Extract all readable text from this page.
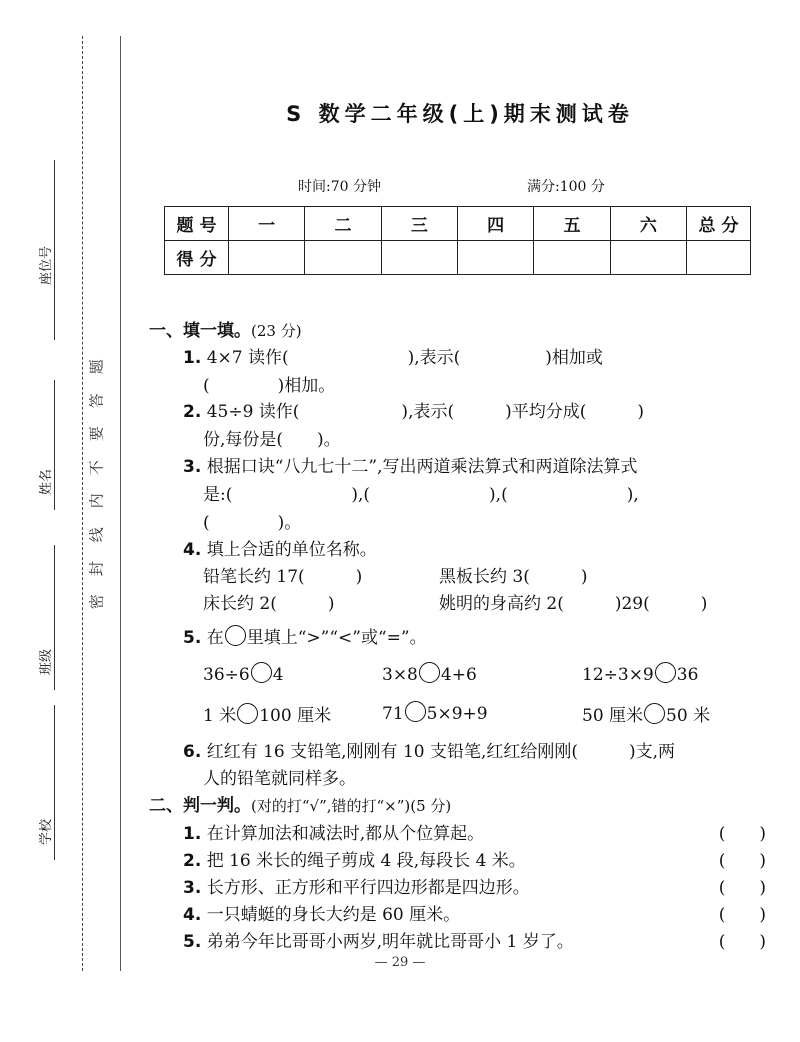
座位号
姓名
班级
学校
题
答
要
不
内
线
封
密
S 数学二年级(上)期末测试卷
时间:70 分钟	满分:100 分
题 号	一	二	三	四	五	六	总 分
得 分							
一、填一填。(23 分)
1. 4×7 读作(　　　　　　　),表示(　　　　　)相加或
(　　　　)相加。
2. 45÷9 读作(　　　　　　),表示(　　　)平均分成(　　　)
份,每份是(　　)。
3. 根据口诀“八九七十二”,写出两道乘法算式和两道除法算式
是:(　　　　　　　),(　　　　　　　),(　　　　　　　),
(　　　　)。
4. 填上合适的单位名称。
铅笔长约 17(　　　)	黑板长约 3(　　　)
床长约 2(　　　)	姚明的身高约 2(　　　)29(　　　)
5. 在 里填上“>”“<”或“=”。
36÷6 4	3×8 4+6	12÷3×9 36
1 米 100 厘米	71 5×9+9	50 厘米 50 米
6. 红红有 16 支铅笔,刚刚有 10 支铅笔,红红给刚刚(　　　)支,两
人的铅笔就同样多。
二、判一判。(对的打“√”,错的打“×”)(5 分)
1. 在计算加法和减法时,都从个位算起。	(　　)
2. 把 16 米长的绳子剪成 4 段,每段长 4 米。	(　　)
3. 长方形、正方形和平行四边形都是四边形。	(　　)
4. 一只蜻蜓的身长大约是 60 厘米。	(　　)
5. 弟弟今年比哥哥小两岁,明年就比哥哥小 1 岁了。	(　　)
— 29 —
